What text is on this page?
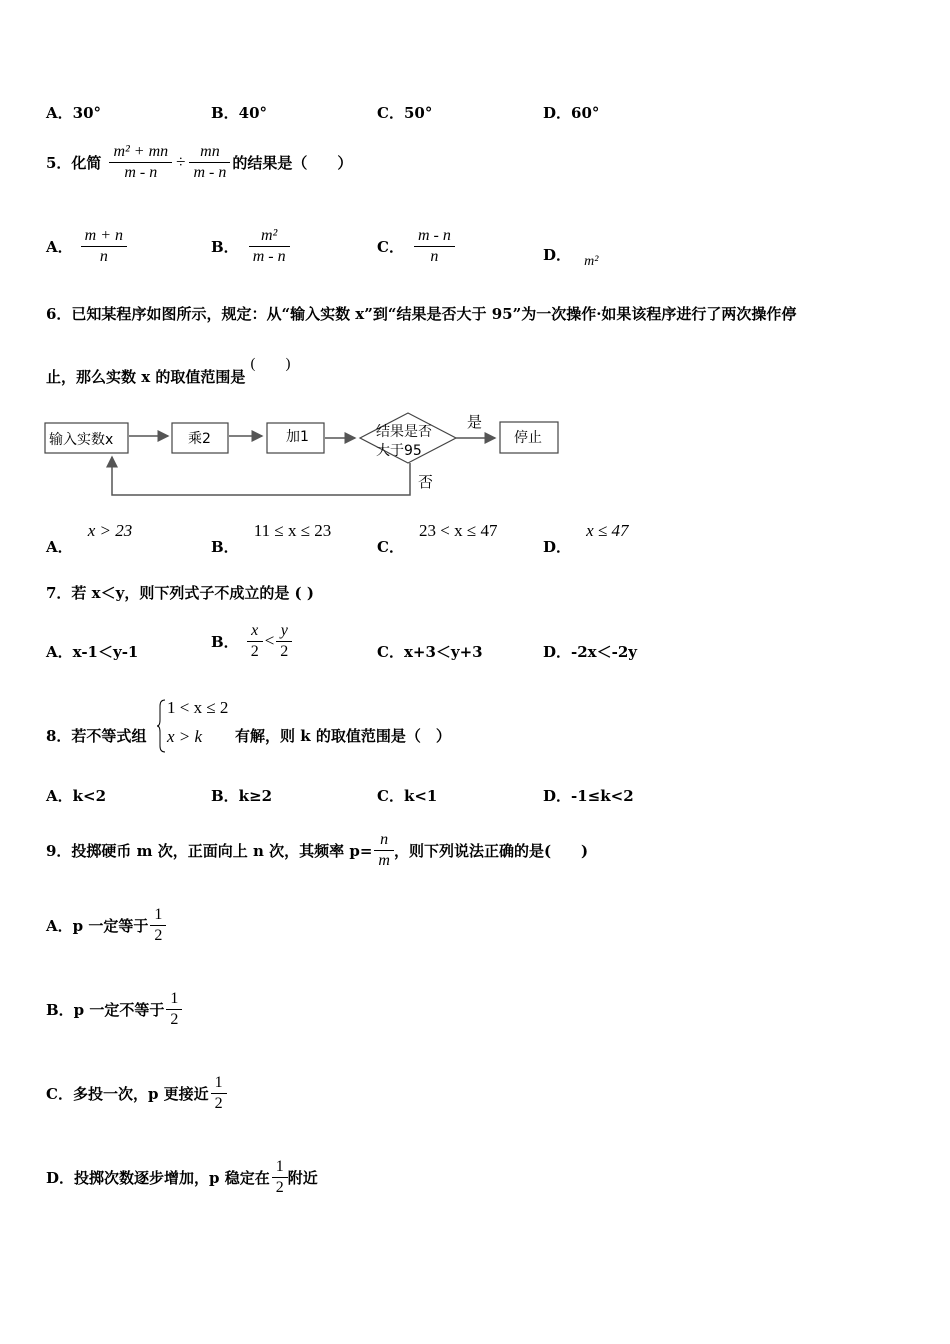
A．30°	B．40°	C．50°	D．60°
5．化简 $\frac{\text{m² + mn}}{m - n} \div \frac{mn}{m - n}$ 的结果是（　　）
A． $\frac{m + n}{n}$	B． $\frac{\text{m²}}{m - n}$	C． $\frac{m - n}{n}$	D． m²
6．已知某程序如图所示，规定：从“输入实数 x”到“结果是否大于 95”为一次操作·如果该程序进行了两次操作停
止，那么实数 x 的取值范围是 (　　)
输入实数x	乘2	加1	结果是否
大于95
是
停止
否
A． x > 23
B． 11 ≤ x ≤ 23
C． 23 < x ≤ 47
D． x ≤ 47
7．若 x＜y，则下列式子不成立的是 ( )
A．x-1＜y-1
B． $\frac{x}{2} < \frac{y}{2}$	C．x+3＜y+3	D．-2x＜-2y
8．若不等式组
1 < x ≤ 2
x > k 有解，则 k 的取值范围是（　）
A．k<2	B．k≥2	C．k<1	D．-1≤k<2
9．投掷硬币 m 次，正面向上 n 次，其频率 $p= \frac{n}{m}$ ，则下列说法正确的是(　　)
A．p 一定等于 $\frac{1}{2}$
B．p 一定不等于 $\frac{1}{2}$
C．多投一次，p 更接近 $\frac{1}{2}$
D．投掷次数逐步增加，p 稳定在 $\frac{1}{2}$ 附近
